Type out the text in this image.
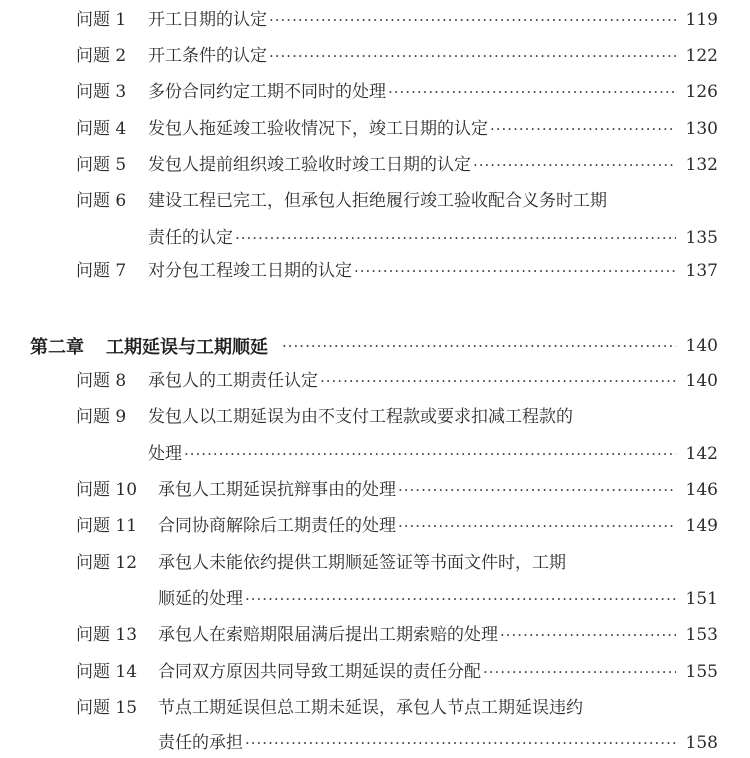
问题 1 开工日期的认定 ·····	119
问题 2 开工条件的认定 ·····	122
问题 3 多份合同约定工期不同时的处理 ·····	126
问题 4 发包人拖延竣工验收情况下，竣工日期的认定 ·····	130
问题 5 发包人提前组织竣工验收时竣工日期的认定 ·····	132
问题 6 建设工程已完工，但承包人拒绝履行竣工验收配合义务时工期
责任的认定 ·····	135
问题 7 对分包工程竣工日期的认定 ·····	137
第二章 工期延误与工期顺延 ·····	140
问题 8 承包人的工期责任认定 ·····	140
问题 9 发包人以工期延误为由不支付工程款或要求扣减工程款的
处理 ·····	142
问题 10 承包人工期延误抗辩事由的处理 ·····	146
问题 11 合同协商解除后工期责任的处理 ·····	149
问题 12 承包人未能依约提供工期顺延签证等书面文件时，工期
顺延的处理 ·····	151
问题 13 承包人在索赔期限届满后提出工期索赔的处理 ·····	153
问题 14 合同双方原因共同导致工期延误的责任分配 ·····	155
问题 15 节点工期延误但总工期未延误，承包人节点工期延误违约
责任的承担 ·····	158
